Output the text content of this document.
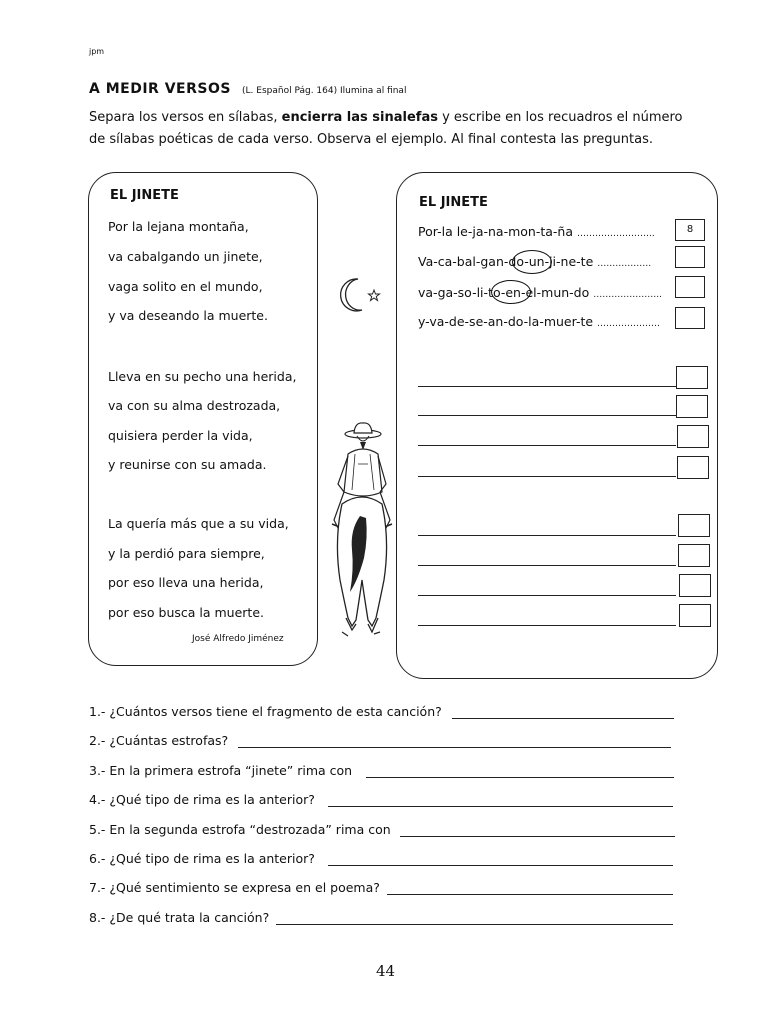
jpm
A MEDIR VERSOS (L. Español Pág. 164) Ilumina al final
Separa los versos en sílabas, encierra las sinalefas y escribe en los recuadros el número
de sílabas poéticas de cada verso. Observa el ejemplo. Al final contesta las preguntas.
EL JINETE
Por la lejana montaña,
va cabalgando un jinete,
vaga solito en el mundo,
y va deseando la muerte.
Lleva en su pecho una herida,
va con su alma destrozada,
quisiera perder la vida,
y reunirse con su amada.
La quería más que a su vida,
y la perdió para siempre,
por eso lleva una herida,
por eso busca la muerte.
José Alfredo Jiménez
EL JINETE
Por-la le-ja-na-mon-ta-ña ……………………..	8
Va-ca-bal-gan-do-un-ji-ne-te ………………
va-ga-so-li-to-en-el-mun-do …………………..
y-va-de-se-an-do-la-muer-te …………………
1.- ¿Cuántos versos tiene el fragmento de esta canción?
2.- ¿Cuántas estrofas?
3.- En la primera estrofa “jinete” rima con
4.- ¿Qué tipo de rima es la anterior?
5.- En la segunda estrofa “destrozada” rima con
6.- ¿Qué tipo de rima es la anterior?
7.- ¿Qué sentimiento se expresa en el poema?
8.- ¿De qué trata la canción?
44
